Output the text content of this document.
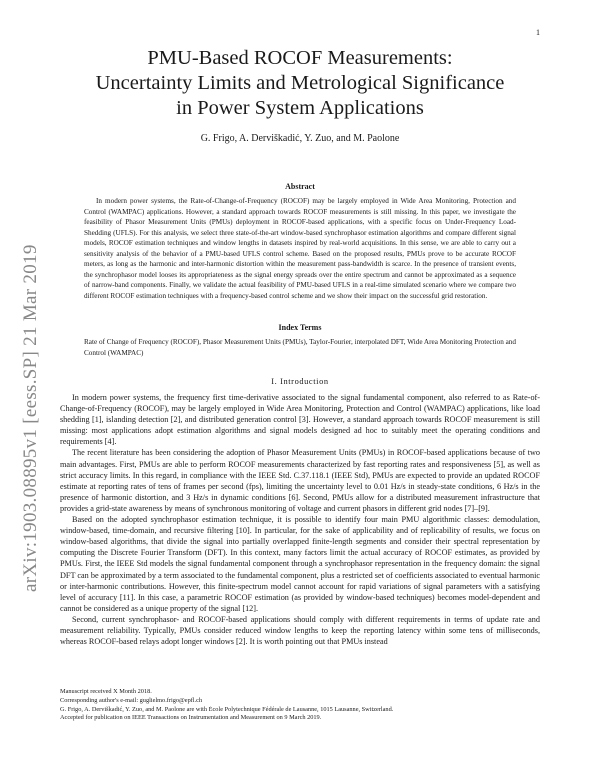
1
arXiv:1903.08895v1 [eess.SP] 21 Mar 2019
PMU-Based ROCOF Measurements:
Uncertainty Limits and Metrological Significance
in Power System Applications
G. Frigo, A. Derviškadić, Y. Zuo, and M. Paolone
Abstract

In modern power systems, the Rate-of-Change-of-Frequency (ROCOF) may be largely employed in Wide Area Monitoring, Protection and Control (WAMPAC) applications. However, a standard approach towards ROCOF measurements is still missing. In this paper, we investigate the feasibility of Phasor Measurement Units (PMUs) deployment in ROCOF-based applications, with a specific focus on Under-Frequency Load-Shedding (UFLS). For this analysis, we select three state-of-the-art window-based synchrophasor estimation algorithms and compare different signal models, ROCOF estimation techniques and window lengths in datasets inspired by real-world acquisitions. In this sense, we are able to carry out a sensitivity analysis of the behavior of a PMU-based UFLS control scheme. Based on the proposed results, PMUs prove to be accurate ROCOF meters, as long as the harmonic and inter-harmonic distortion within the measurement pass-bandwidth is scarce. In the presence of transient events, the synchrophasor model looses its appropriateness as the signal energy spreads over the entire spectrum and cannot be approximated as a sequence of narrow-band components. Finally, we validate the actual feasibility of PMU-based UFLS in a real-time simulated scenario where we compare two different ROCOF estimation techniques with a frequency-based control scheme and we show their impact on the successful grid restoration.

Index Terms

Rate of Change of Frequency (ROCOF), Phasor Measurement Units (PMUs), Taylor-Fourier, interpolated DFT, Wide Area Monitoring Protection and Control (WAMPAC)

I. Introduction

In modern power systems, the frequency first time-derivative associated to the signal fundamental component, also referred to as Rate-of-Change-of-Frequency (ROCOF), may be largely employed in Wide Area Monitoring, Protection and Control (WAMPAC) applications, like load shedding [1], islanding detection [2], and distributed generation control [3]. However, a standard approach towards ROCOF measurement is still missing: most applications adopt estimation algorithms and signal models designed ad hoc to suitably meet the operating conditions and requirements [4].

The recent literature has been considering the adoption of Phasor Measurement Units (PMUs) in ROCOF-based applications because of two main advantages. First, PMUs are able to perform ROCOF measurements characterized by fast reporting rates and responsiveness [5], as well as strict accuracy limits. In this regard, in compliance with the IEEE Std. C.37.118.1 (IEEE Std), PMUs are expected to provide an updated ROCOF estimate at reporting rates of tens of frames per second (fps), limiting the uncertainty level to 0.01 Hz/s in steady-state conditions, 6 Hz/s in the presence of harmonic distortion, and 3 Hz/s in dynamic conditions [6]. Second, PMUs allow for a distributed measurement infrastructure that provides a grid-state awareness by means of synchronous monitoring of voltage and current phasors in different grid nodes [7]–[9].

Based on the adopted synchrophasor estimation technique, it is possible to identify four main PMU algorithmic classes: demodulation, window-based, time-domain, and recursive filtering [10]. In particular, for the sake of applicability and of replicability of results, we focus on window-based algorithms, that divide the signal into partially overlapped finite-length segments and consider their spectral representation by computing the Discrete Fourier Transform (DFT). In this context, many factors limit the actual accuracy of ROCOF estimates, as provided by PMUs. First, the IEEE Std models the signal fundamental component through a synchrophasor representation in the frequency domain: the signal DFT can be approximated by a term associated to the fundamental component, plus a restricted set of coefficients associated to eventual harmonic or inter-harmonic contributions. However, this finite-spectrum model cannot account for rapid variations of signal parameters with a satisfying level of accuracy [11]. In this case, a parametric ROCOF estimation (as provided by window-based techniques) becomes model-dependent and cannot be considered as a unique property of the signal [12].

Second, current synchrophasor- and ROCOF-based applications should comply with different requirements in terms of update rate and measurement reliability. Typically, PMUs consider reduced window lengths to keep the reporting latency within some tens of milliseconds, whereas ROCOF-based relays adopt longer windows [2]. It is worth pointing out that PMUs instead

Manuscript received X Month 2018.
Corresponding author's e-mail: guglielmo.frigo@epfl.ch
G. Frigo, A. Derviškadić, Y. Zuo, and M. Paolone are with École Polytechnique Fédérale de Lausanne, 1015 Lausanne, Switzerland.
Accepted for publication on IEEE Transactions on Instrumentation and Measurement on 9 March 2019.
